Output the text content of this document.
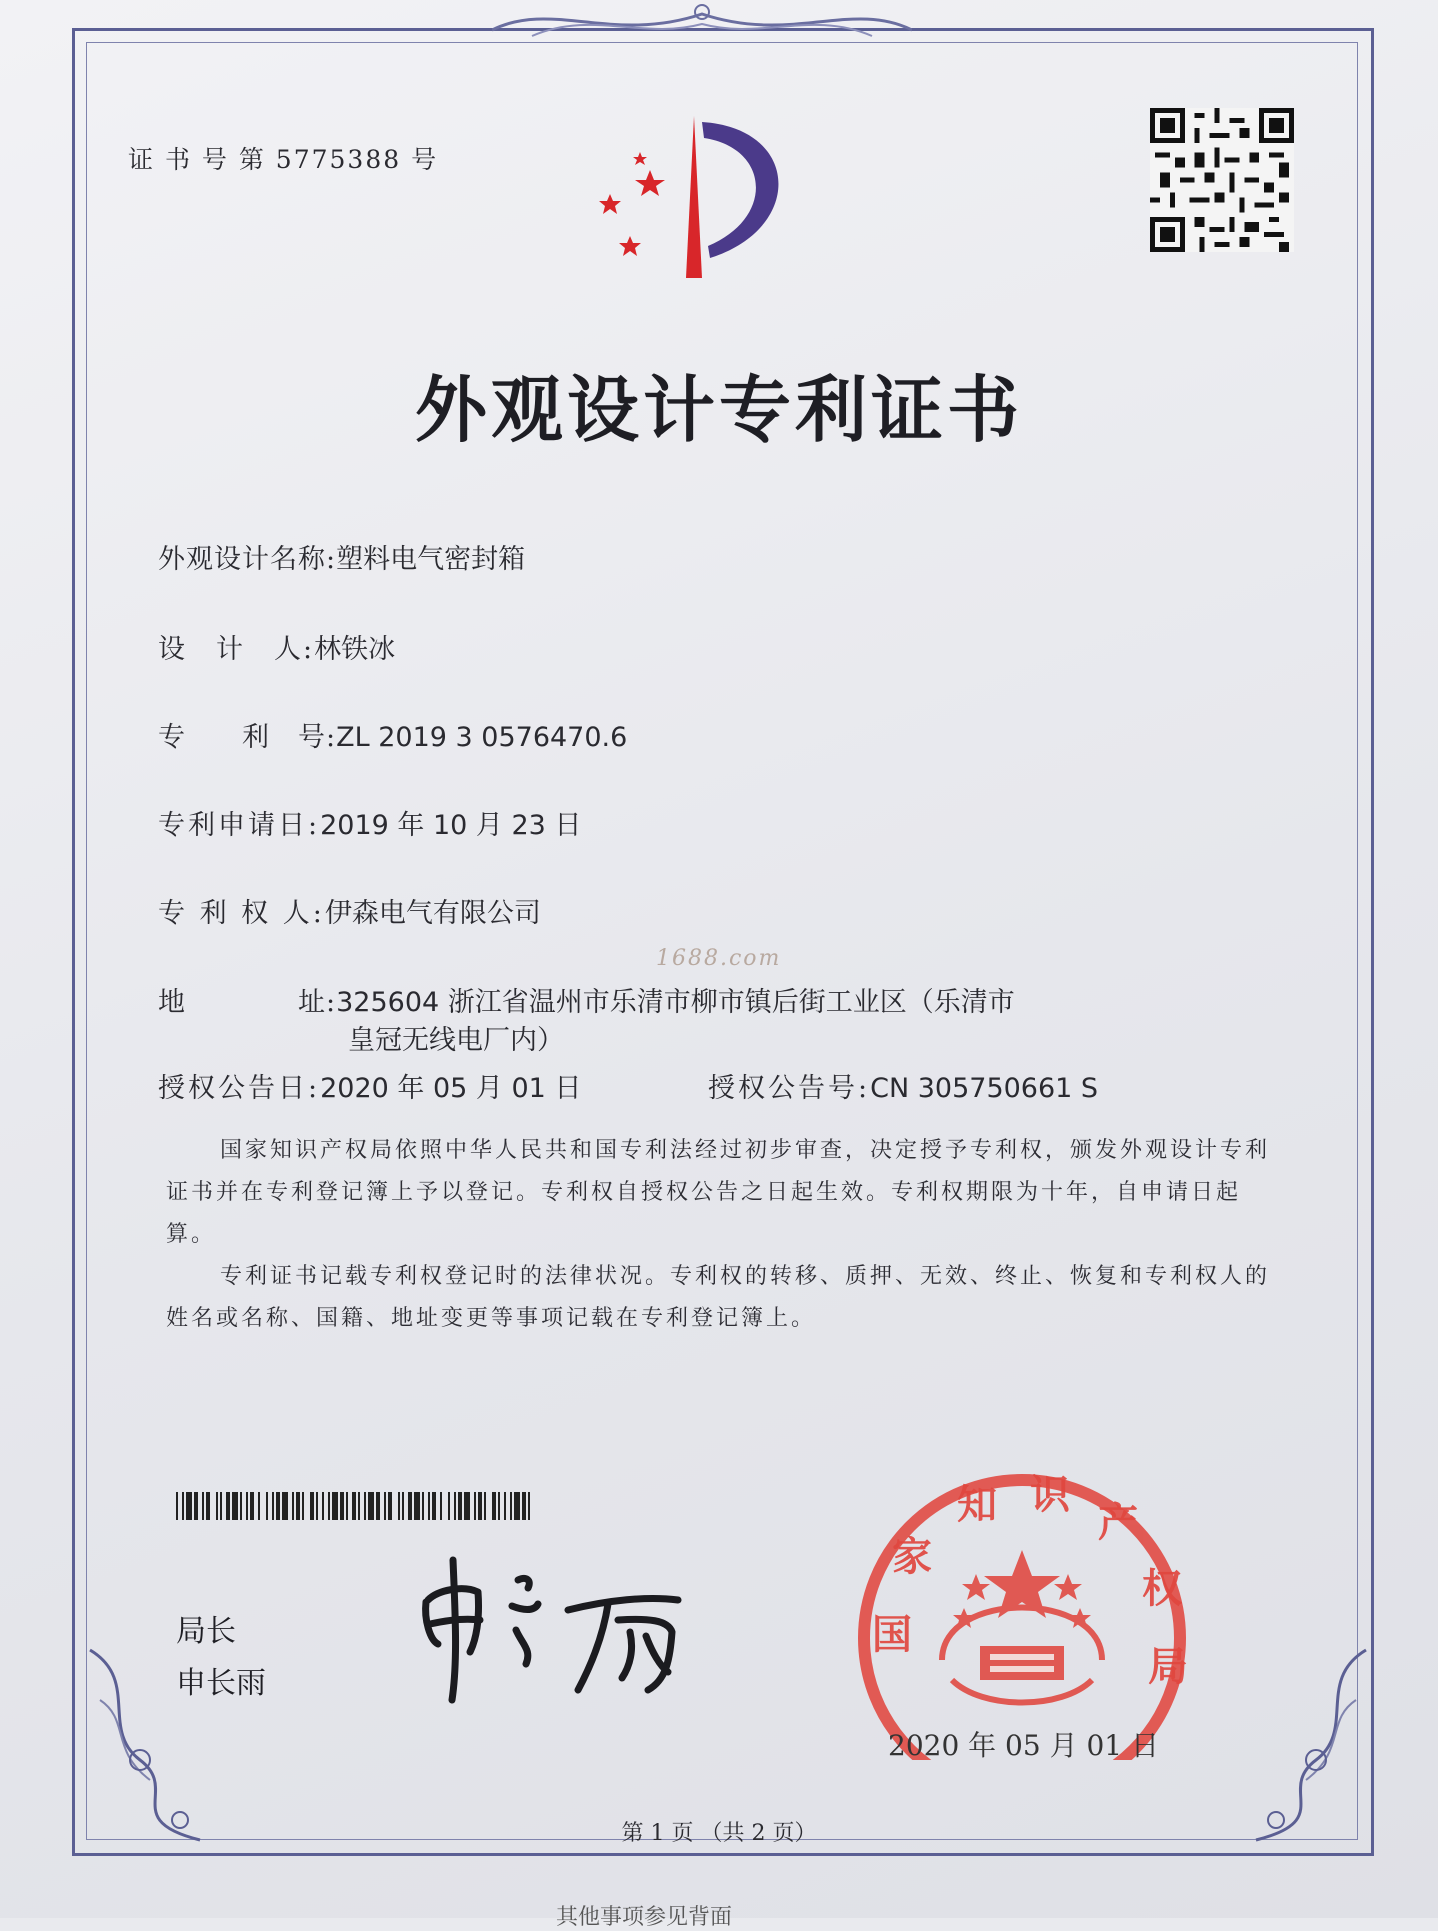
证 书 号 第 5775388 号
外观设计专利证书
外观设计名称:塑料电气密封箱
设　计　人:林铁冰
专　　利　号:ZL 2019 3 0576470.6
专利申请日:2019 年 10 月 23 日
专 利 权 人:伊森电气有限公司
地　　　　址:325604 浙江省温州市乐清市柳市镇后街工业区（乐清市
皇冠无线电厂内）
授权公告日:2020 年 05 月 01 日	授权公告号:CN 305750661 S
1688.com

国家知识产权局依照中华人民共和国专利法经过初步审查，决定授予专利权，颁发外观设计专利证书并在专利登记簿上予以登记。专利权自授权公告之日起生效。专利权期限为十年，自申请日起算。

专利证书记载专利权登记时的法律状况。专利权的转移、质押、无效、终止、恢复和专利权人的姓名或名称、国籍、地址变更等事项记载在专利登记簿上。

局长
申长雨
国
家
知 识
产
权
局
2020 年 05 月 01 日
第 1 页 （共 2 页）
其他事项参见背面
